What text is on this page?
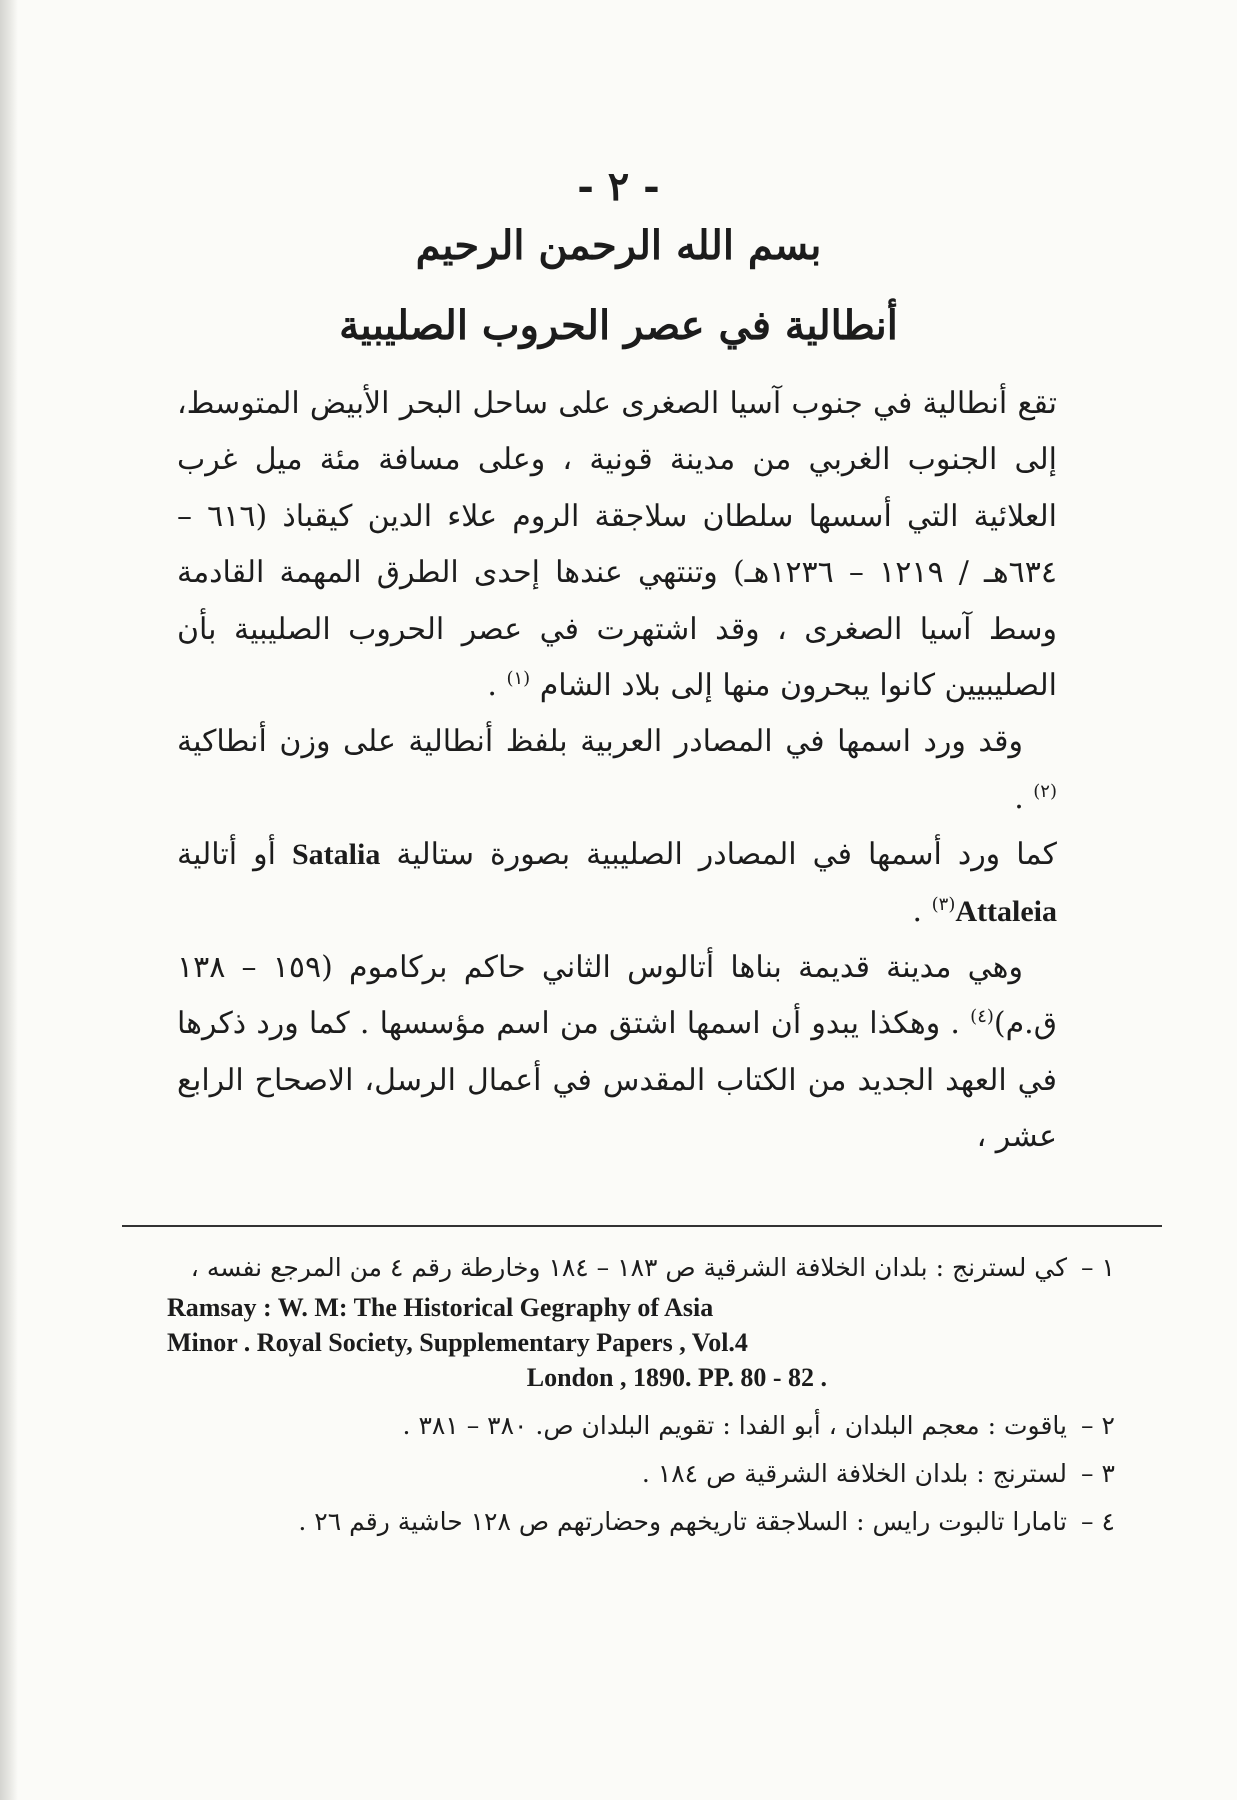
- ٢ -
بسم الله الرحمن الرحيم
أنطالية في عصر الحروب الصليبية

تقع أنطالية في جنوب آسيا الصغرى على ساحل البحر الأبيض المتوسط، إلى الجنوب الغربي من مدينة قونية ، وعلى مسافة مئة ميل غرب العلائية التي أسسها سلطان سلاجقة الروم علاء الدين كيقباذ (٦١٦ – ٦٣٤هـ / ١٢١٩ – ١٢٣٦هـ) وتنتهي عندها إحدى الطرق المهمة القادمة وسط آسيا الصغرى ، وقد اشتهرت في عصر الحروب الصليبية بأن الصليبيين كانوا يبحرون منها إلى بلاد الشام $^{(١)}$ .

وقد ورد اسمها في المصادر العربية بلفظ أنطالية على وزن أنطاكية $^{(٢)}$ .

كما ورد أسمها في المصادر الصليبية بصورة ستالية Satalia أو أتالية Attaleia$^{(٣)}$ .

وهي مدينة قديمة بناها أتالوس الثاني حاكم بركاموم (١٥٩ – ١٣٨ ق.م)$^{(٤)}$ . وهكذا يبدو أن اسمها اشتق من اسم مؤسسها . كما ورد ذكرها في العهد الجديد من الكتاب المقدس في أعمال الرسل، الاصحاح الرابع عشر ،

١ –
كي لسترنج : بلدان الخلافة الشرقية ص ١٨٣ – ١٨٤ وخارطة رقم ٤ من المرجع نفسه ،
Ramsay : W. M: The Historical Gegraphy of Asia
Minor . Royal Society, Supplementary Papers , Vol.4
London , 1890. PP. 80 - 82 .
٢ –
ياقوت : معجم البلدان ، أبو الفدا : تقويم البلدان ص. ٣٨٠ – ٣٨١ .
٣ –
لسترنج : بلدان الخلافة الشرقية ص ١٨٤ .
٤ –
تامارا تالبوت رايس : السلاجقة تاريخهم وحضارتهم ص ١٢٨ حاشية رقم ٢٦ .
